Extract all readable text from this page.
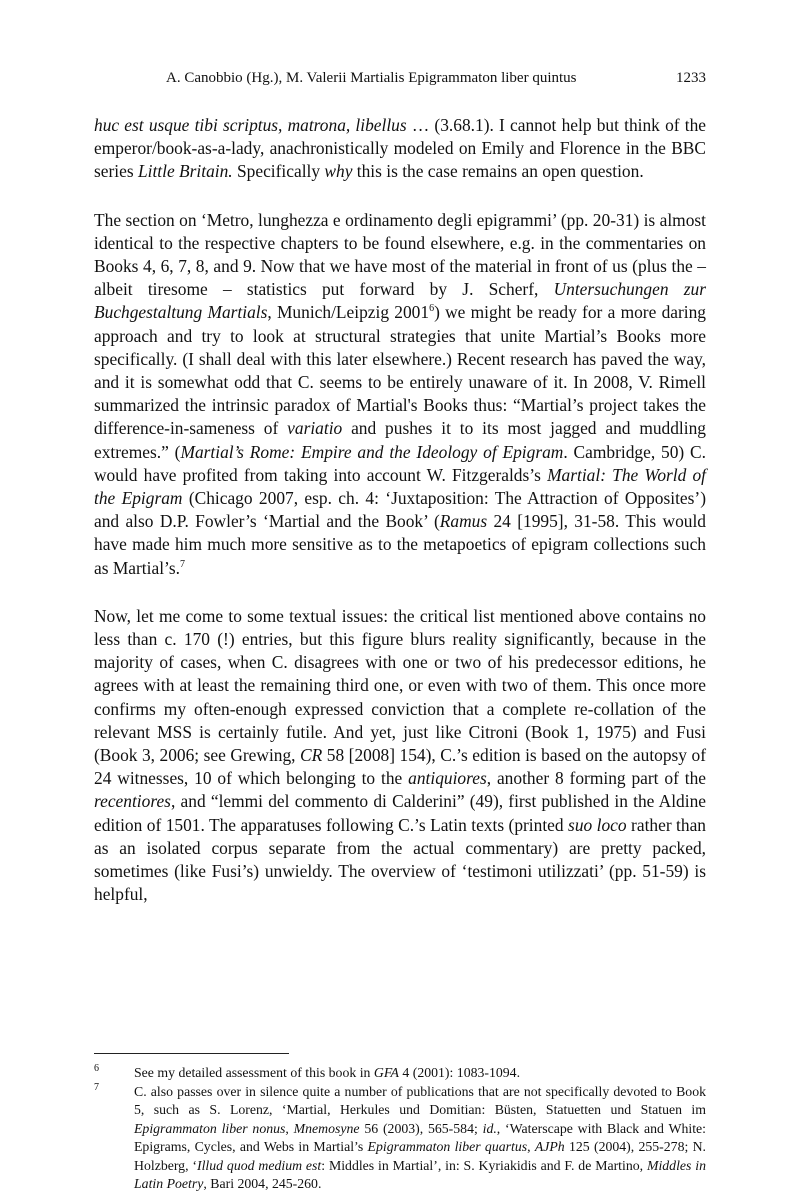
A. Canobbio (Hg.), M. Valerii Martialis Epigrammaton liber quintus	1233

huc est usque tibi scriptus, matrona, libellus … (3.68.1). I cannot help but think of the emperor/book-as-a-lady, anachronistically modeled on Emily and Florence in the BBC series Little Britain. Specifically why this is the case remains an open question.

The section on ‘Metro, lunghezza e ordinamento degli epigrammi’ (pp. 20-31) is almost identical to the respective chapters to be found elsewhere, e.g. in the commentaries on Books 4, 6, 7, 8, and 9. Now that we have most of the material in front of us (plus the – albeit tiresome – statistics put forward by J. Scherf, Untersuchungen zur Buchgestaltung Martials, Munich/Leipzig 2001$^6$) we might be ready for a more daring approach and try to look at structural strategies that unite Martial’s Books more specifically. (I shall deal with this later elsewhere.) Recent research has paved the way, and it is somewhat odd that C. seems to be entirely unaware of it. In 2008, V. Rimell summarized the intrinsic paradox of Martial's Books thus: “Martial’s project takes the difference-in-sameness of variatio and pushes it to its most jagged and muddling extremes.” (Martial’s Rome: Empire and the Ideology of Epigram. Cambridge, 50) C. would have profited from taking into account W. Fitzgeralds’s Martial: The World of the Epigram (Chicago 2007, esp. ch. 4: ‘Juxtaposition: The Attraction of Opposites’) and also D.P. Fowler’s ‘Martial and the Book’ (Ramus 24 [1995], 31-58. This would have made him much more sensitive as to the metapoetics of epigram collections such as Martial’s.$^7$

Now, let me come to some textual issues: the critical list mentioned above contains no less than c. 170 (!) entries, but this figure blurs reality significantly, because in the majority of cases, when C. disagrees with one or two of his predecessor editions, he agrees with at least the remaining third one, or even with two of them. This once more confirms my often-enough expressed conviction that a complete re-collation of the relevant MSS is certainly futile. And yet, just like Citroni (Book 1, 1975) and Fusi (Book 3, 2006; see Grewing, CR 58 [2008] 154), C.’s edition is based on the autopsy of 24 witnesses, 10 of which belonging to the antiquiores, another 8 forming part of the recentiores, and “lemmi del commento di Calderini” (49), first published in the Aldine edition of 1501. The apparatuses following C.’s Latin texts (printed suo loco rather than as an isolated corpus separate from the actual commentary) are pretty packed, sometimes (like Fusi’s) unwieldy. The overview of ‘testimoni utilizzati’ (pp. 51-59) is helpful,

6	See my detailed assessment of this book in GFA 4 (2001): 1083-1094.
7	C. also passes over in silence quite a number of publications that are not specifically devoted to Book 5, such as S. Lorenz, ‘Martial, Herkules und Domitian: Büsten, Statuetten und Statuen im Epigrammaton liber nonus, Mnemosyne 56 (2003), 565-584; id., ‘Waterscape with Black and White: Epigrams, Cycles, and Webs in Martial’s Epigrammaton liber quartus, AJPh 125 (2004), 255-278; N. Holzberg, ‘Illud quod medium est: Middles in Martial’, in: S. Kyriakidis and F. de Martino, Middles in Latin Poetry, Bari 2004, 245-260.
